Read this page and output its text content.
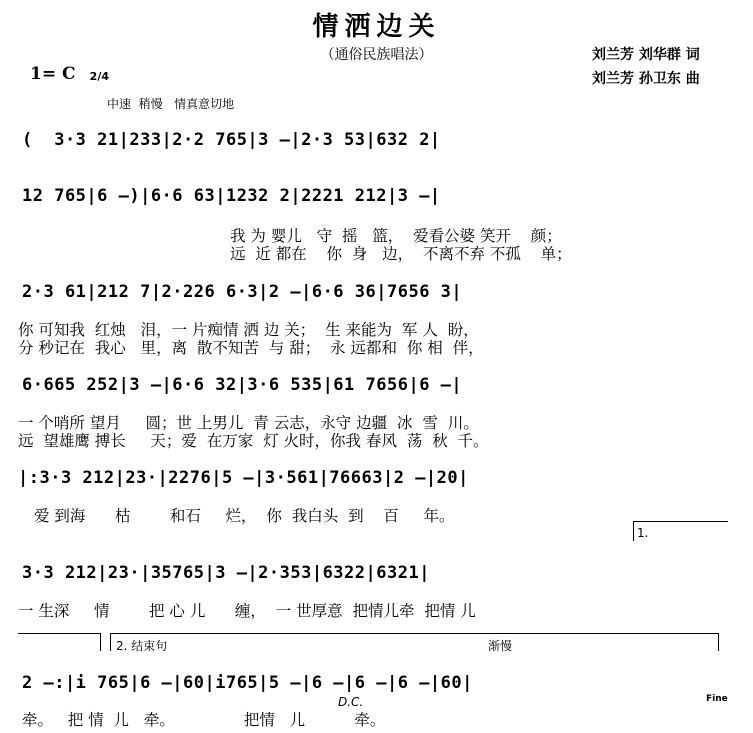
情洒边关
（通俗民族唱法）	刘兰芳 刘华群 词
刘兰芳 孙卫东 曲
1= C	2/4

中速  稍慢   情真意切地
(  3·3 21|233|2·2 765|3 —|2·3 53|632 2|
12 765|6 —)|6·6 63|1232 2|2221 212|3 —|
我 为 婴儿   守  摇   篮，  爱看公婆 笑开    颜；
远  近 都在    你  身   边，  不离不弃 不孤    单；
2·3 61|212 7|2·226 6·3|2 —|6·6 36|7656 3|
你 可知我  红烛   泪，一 片痴情 洒 边 关；  生 来能为  军 人  盼，
分 秒记在  我心   里，离  散不知苦  与 甜；  永 远都和  你 相  伴，
6·665 252|3 —|6·6 32|3·6 535|61 7656|6 —|
一 个哨所 望月     圆；世 上男儿  青 云志，永守 边疆  冰  雪  川。
远  望雄鹰 搏长     天；爱  在万家  灯 火时，你我 春风  荡  秋  千。
|:3·3 212|23·|2276|5 —|3·561|76663|2 —|20|
爱 到海      枯        和石     烂，  你  我白头  到    百     年。
1.
3·3 212|23·|35765|3 —|2·353|6322|6321|
一 生深     情        把 心 儿      缠，  一 世厚意  把情儿牵  把情 儿
2. 结束句	渐慢
2 —:|i 765|6 —|60|i765|5 —|6 —|6 —|6 —|60|
D.C.	Fine
牵。   把 情  儿   牵。              把情   儿          牵。
